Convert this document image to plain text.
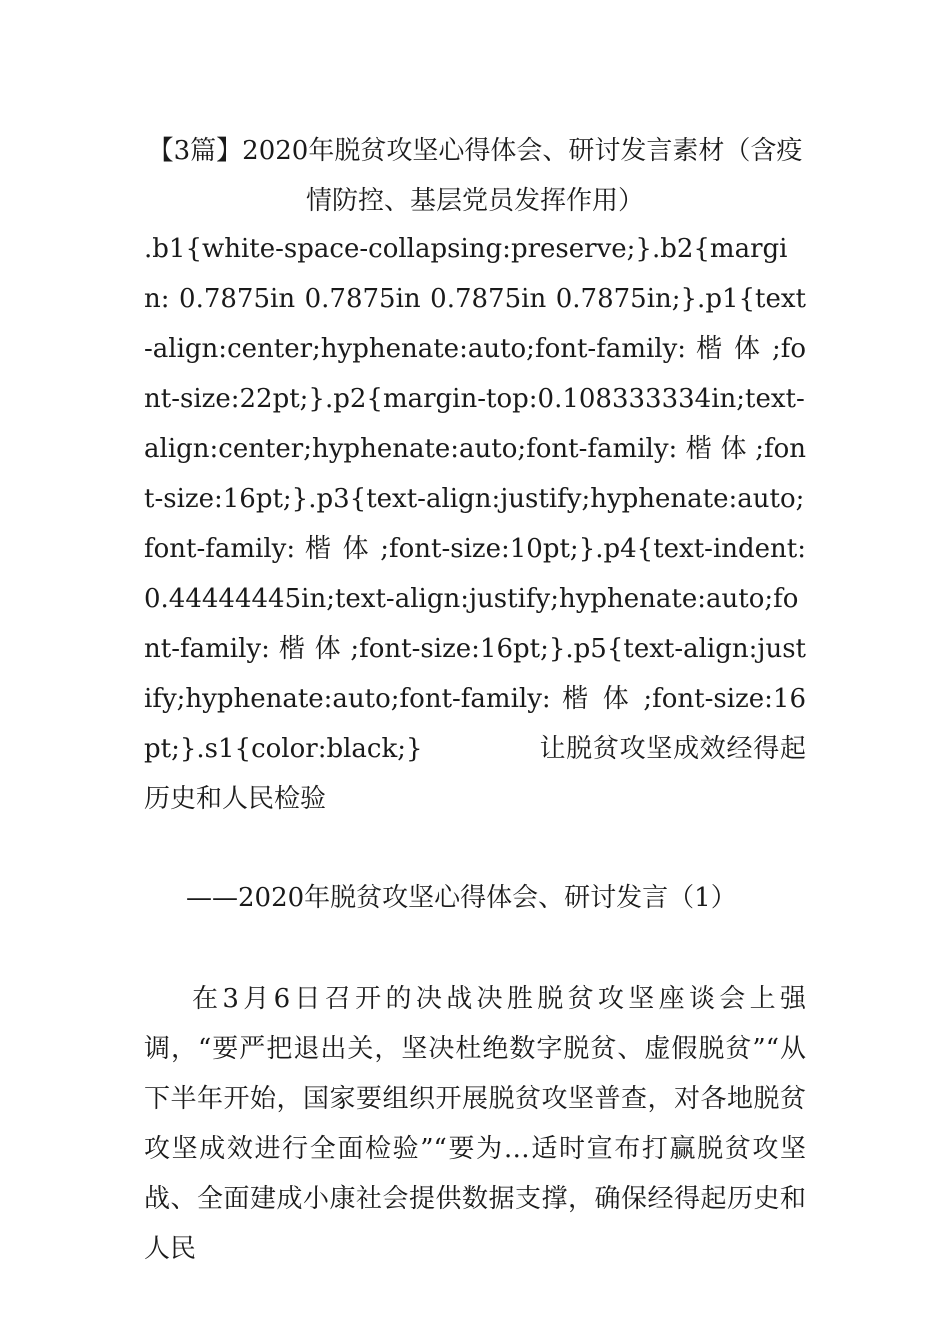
【3篇】2020年脱贫攻坚心得体会、研讨发言素材（含疫
情防控、基层党员发挥作用）

.b1{white-space-collapsing:preserve;}.b2{margin: 0.7875in 0.7875in 0.7875in 0.7875in;}.p1{text-align:center;hyphenate:auto;font-family: 楷 体 ;font-size:22pt;}.p2{margin-top:0.108333334in;text-align:center;hyphenate:auto;font-family: 楷 体 ;font-size:16pt;}.p3{text-align:justify;hyphenate:auto;font-family: 楷 体 ;font-size:10pt;}.p4{text-indent:0.44444445in;text-align:justify;hyphenate:auto;font-family: 楷 体 ;font-size:16pt;}.p5{text-align:justify;hyphenate:auto;font-family: 楷 体 ;font-size:16pt;}.s1{color:black;}	让脱贫攻坚成效经得起历史和人民检验

——2020年脱贫攻坚心得体会、研讨发言（1）

在3月6日召开的决战决胜脱贫攻坚座谈会上强调，“要严把退出关，坚决杜绝数字脱贫、虚假脱贫”“从下半年开始，国家要组织开展脱贫攻坚普查，对各地脱贫攻坚成效进行全面检验”“要为…适时宣布打赢脱贫攻坚战、全面建成小康社会提供数据支撑，确保经得起历史和人民
